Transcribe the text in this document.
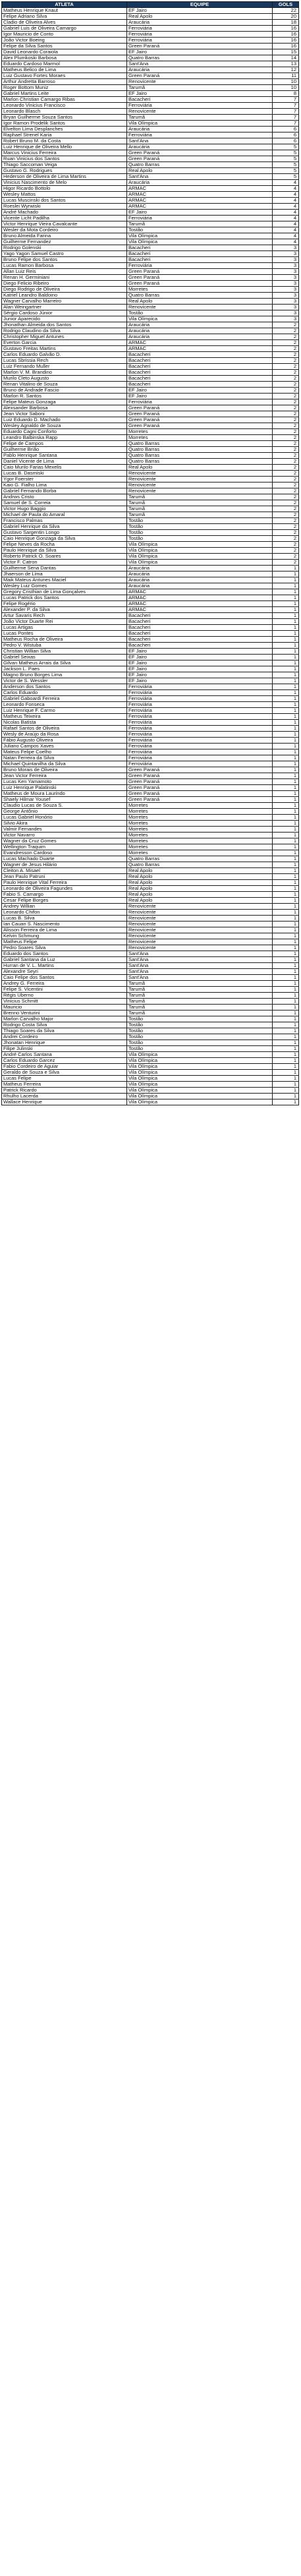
ATLETA	EQUIPE	GOLS
Matheus Henrique Knaut	EF Jairo	22
Felipe Adriano Silva	Real Apolo	20
Cladio de Oliveira Alves	Araucária	18
Gabriel Luis de Oliveira Camargo	Ferroviária	16
Igor Mauricio de Conto	Ferroviária	16
João Victor Boeing	Ferroviária	16
Felipe da Silva Santos	Green Paraná	16
David Leonardo Coraiola	EF Jairo	15
Alex Plumkoski Barbosa	Quatro Barras	14
Eduardo Cardoso Marmol	Sant'Ana	13
Matheus Belico de Lima	Araucária	12
Luiz Gustavo Fortes Moraes	Green Paraná	11
Arthur Andretta Barroso	Renovicente	10
Roger Bottom Muniz	Tarumã	10
Gabriel Martins Leite	EF Jairo	8
Marlon Christian Camargo Ribas	Bacacheri	7
Leonardo Vinicius Francisco	Ferroviária	7
Leonardo Blasch	Renovicente	7
Bryan Guilherme Souza Santos	Tarumã	7
Igor Ramon Prodelik Santos	Vila Olímpica	7
Elvelton Lima Desplanches	Araucária	6
Raphael Strenel Karia	Ferroviária	6
Robert Bruno M. da Costa	Sant'Ana	6
Luiz Henrique de Oliveira Mello	Araucária	5
Marcus Vinicius Ferreira	Green Paraná	5
Ruan Vinicius dos Santos	Green Paraná	5
Thiago Saccoman Veiga	Quatro Barras	5
Gustavo G. Rodrigues	Real Apolo	5
Hederson de Oliveira de Lima Martins	Sant'Ana	5
Vinicius Nascimento de Melo	Araucária	4
Higor Ricardo Bottolo	ARMAC	4
Wesley Mattos	ARMAC	4
Lucas Muscinski dos Santos	ARMAC	4
Roeslei Wyrwiski	ARMAC	4
André Machado	EF Jairo	4
Vicente Licht Padilha	Ferroviária	4
Victor Henrique Vieira Cavalcante	Tarumã	4
Wesler da Mota Cordeiro	Tostão	4
Bruno Almeida Farina	Vila Olímpica	4
Guilherme Fernandez	Vila Olímpica	4
Rodrigo Golenski	Bacacheri	3
Yago Yagon Samuel Castro	Bacacheri	3
Bruno Felipe dos Santos	Bacacheri	3
Lucas Ramon Barbosa	Ferroviária	3
Allan Luiz Reis	Green Paraná	3
Renan H. Germiniani	Green Paraná	3
Diego Felicio Ribeiro	Green Paraná	3
Diego Rodrigo de Oliveira	Morretes	3
Katriel Leandro Baldoino	Quatro Barras	3
Wagner Carvalho Marreiro	Real Apolo	3
Alan Weingartner	Renovicente	3
Sérgio Cardoso Júnior	Tostão	3
Junior Aparecido	Vila Olímpica	3
Jhonathan Almeida dos Santos	Araucária	2
Rodrigo Claudino da Silva	Araucária	2
Christopher Miguel Antunes	Araucária	2
Everton Garcia	ARMAC	2
Gustavo Freitas Martins	ARMAC	2
Carlos Eduardo Galvão D.	Bacacheri	2
Lucas Sbrissia Rech	Bacacheri	2
Luiz Fernando Muller	Bacacheri	2
Marlon V. M. Brandino	Bacacheri	2
Murilo Cleto Augusto	Bacacheri	2
Renan Vitalino de Souza	Bacacheri	2
Bruno de Andrade Fascio	EF Jairo	2
Marlon R. Santos	EF Jairo	2
Felipe Mateus Gonzaga	Ferroviária	2
Alexsander Barbosa	Green Paraná	2
Jean Victor Saboni	Green Paraná	2
Luiz Eduardo D. Machado	Green Paraná	2
Wesley Agnaldo de Souza	Green Paraná	2
Eduardo Cagni Conforto	Morretes	2
Leandro Balbinska Rapp	Morretes	2
Felipe de Campos	Quatro Barras	2
Guilherme Brião	Quatro Barras	2
Pablo Henrique Santana	Quatro Barras	2
Daniel Vicente de Lima	Quatro Barras	2
Caio Murilo Farias Mexelis	Real Apolo	2
Lucas B. Dasmiski	Renovicente	2
Ygor Foerster	Renovicente	2
Kaio G. Fialho Lima	Renovicente	2
Gabriel Fernando Borba	Renovicente	2
Andrws Cristo	Tarumã	2
Samuel de S. Correia	Tarumã	2
Victor Hugo Baggio	Tarumã	2
Michael de Paula do Amaral	Tarumã	2
Francisco Palmas	Tostão	2
Gabriel Henrique da Silva	Tostão	2
Gustavo Sargentin Longo	Tostão	2
Caio Henrique Gonzaga da Silva	Tostão	2
Felipe Neves da Rocha	Vila Olímpica	2
Paulo Henrique da Silva	Vila Olímpica	2
Roberto Patrick O. Soares	Vila Olímpica	2
Victor F. Catron	Vila Olímpica	2
Guilherme Sena Dantas	Araucária	1
Jhaerson de Lima	Araucária	1
Maik Mateus Antunes Maciel	Araucária	1
Wesley Luiz Gomes	Araucária	1
Gregory Cristhian de Lima Gonçalves	ARMAC	1
Lucas Patrick dos Santos	ARMAC	1
Felipe Rogério	ARMAC	1
Alexander P. da Silva	ARMAC	1
Artur Savaris Rech	Bacacheri	1
João Victor Duarte Rei	Bacacheri	1
Lucas Artigas	Bacacheri	1
Lucas Pontes	Bacacheri	1
Matheus Rocha de Oliveira	Bacacheri	1
Pedro V. Wistuba	Bacacheri	1
Christian Willian Silva	EF Jairo	1
Gabriel Seixas	EF Jairo	1
Gilvan Matheus Arrais da Silva	EF Jairo	1
Jackson L. Paes	EF Jairo	1
Magno Bruno Borges Lima	EF Jairo	1
Victor de S. Wessler	EF Jairo	1
Anderson dos Santos	Ferroviária	1
Carlos Eduardo	Ferroviária	1
Gabriel Gaboardi Ferreira	Ferroviária	1
Leonardo Fonseca	Ferroviária	1
Luiz Henrique F. Carmo	Ferroviária	1
Matheus Teixeira	Ferroviária	1
Nicolas Batista	Ferroviária	1
Rafael Santos de Oliveira	Ferroviária	1
Wesly de Araújo da Rosa	Ferroviária	1
Fábio Augusto Oliveira	Ferroviária	1
Juliano Campos Xaves	Ferroviária	1
Mateus Felipe Coelho	Ferroviária	1
Natan Ferreira da Silva	Ferroviária	1
Michael Quintanilha da Silva	Ferroviária	1
Bruno Morais de Oliveira	Green Paraná	1
Jean Victor Ferreira	Green Paraná	1
Lucas Ken Yamamoto	Green Paraná	1
Luiz Henrique Palatinski	Green Paraná	1
Matheus de Moura Laurindo	Green Paraná	1
Shaely Hilmar Yousef	Green Paraná	1
Claudio Lucas de Souza S.	Morretes	1
George Antônio	Morretes	1
Lucas Gabriel Honório	Morretes	1
Silvio Akira	Morretes	1
Valmir Fernandes	Morretes	1
Victor Navarro	Morretes	1
Wagner da Cruz Gomes	Morretes	1
Wellington Traquim	Morretes	1
Evandresson Cardoso	Morretes	1
Lucas Machado Duarte	Quatro Barras	1
Wagner de Jesus Hilário	Quatro Barras	1
Cleiton A. Misael	Real Apolo	1
Jean Paulo Patruni	Real Apolo	1
Paulo Henrique Vital Ferreira	Real Apolo	1
Leonardo de Oliveira Fagundes	Real Apolo	1
Fabio S. Camargo	Real Apolo	1
Cesar Felipe Borges	Real Apolo	1
Andrey Willian	Renovicente	1
Leonardo Chifon	Renovicente	1
Lucas B. Silva	Renovicente	1
Ian Cauan S. Nascimento	Renovicente	1
Alisson Ferreira de Lima	Renovicente	1
Kelvin Schmung	Renovicente	1
Matheus Felipe	Renovicente	1
Pedro Soares Silva	Renovicente	1
Eduardo dos Santos	Sant'Ana	1
Gabriel Santana da Luz	Sant'Ana	1
Hurran de V. L. Martins	Sant'Ana	1
Alexandre Seyri	Sant'Ana	1
Caio Felipe dos Santos	Sant'Ana	1
Andrey G. Ferreira	Tarumã	1
Felipe S. Vicentini	Tarumã	1
Régis Uberno	Tarumã	1
Vinicius Schmitt	Tarumã	1
Mauricio	Tarumã	1
Brenno Venturini	Tarumã	1
Marlon Carvalho Major	Tostão	1
Rodrigo Costa Silva	Tostão	1
Thiago Soares da Silva	Tostão	1
Andrei Cordeiro	Tostão	1
Jhonatan Henrique	Tostão	1
Filipe Julinski	Tostão	1
André Carlos Santana	Vila Olímpica	1
Carlos Eduardo Garcez	Vila Olímpica	1
Fabio Cordeiro de Aguiar	Vila Olímpica	1
Geraldo de Souza e Silva	Vila Olímpica	1
Lucas Felipe	Vila Olímpica	1
Matheus Ferreira	Vila Olímpica	1
Patrick Ricardo	Vila Olímpica	1
Rhulho Lacerda	Vila Olímpica	1
Wallace Henrique	Vila Olímpica	1
